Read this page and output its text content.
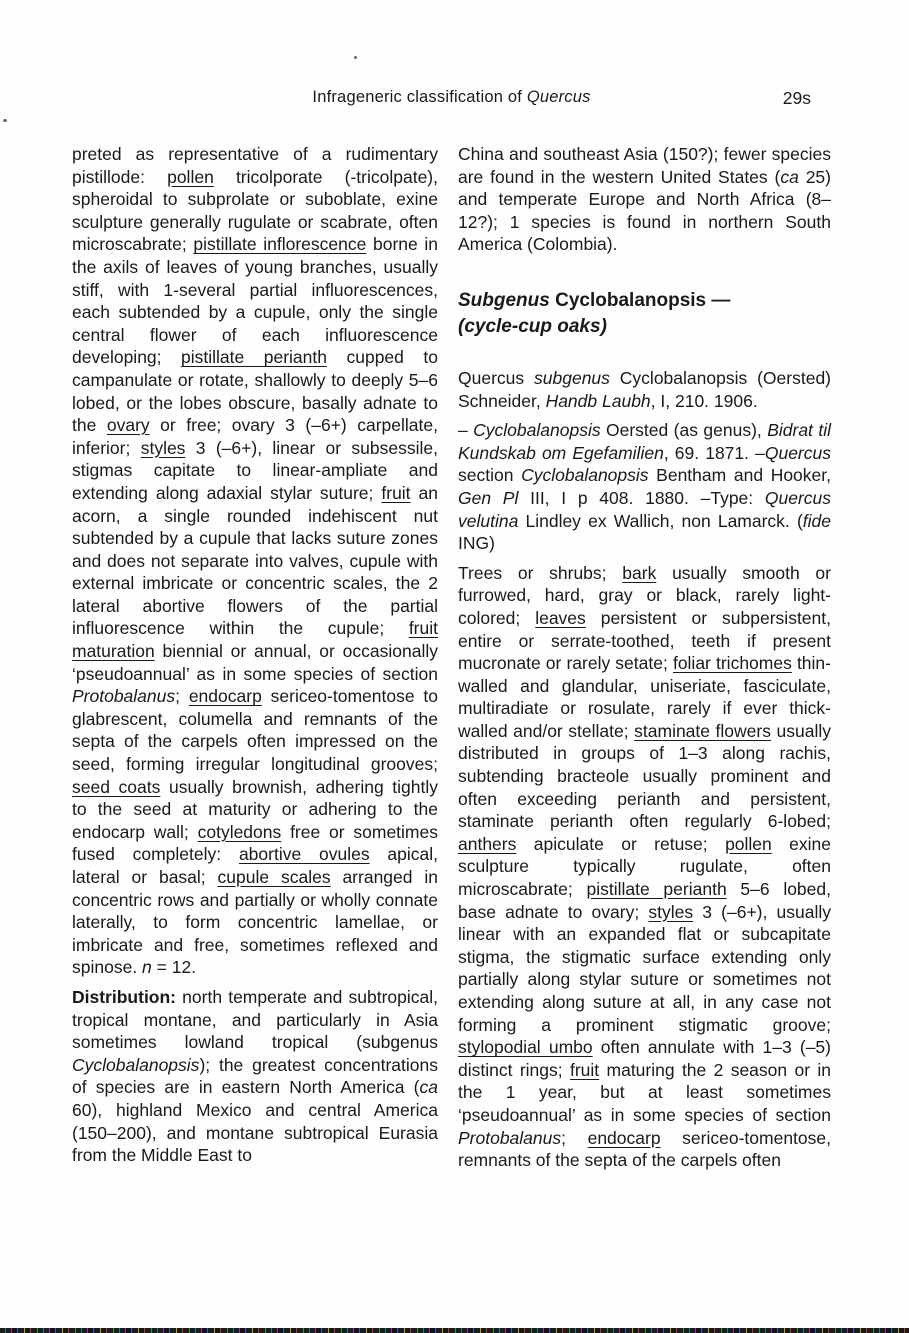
Infrageneric classification of Quercus	29s

preted as representative of a rudimentary pistillode: pollen tricolporate (-tricolpate), spheroidal to subprolate or suboblate, exine sculpture generally rugulate or scabrate, often microscabrate; pistillate inflorescence borne in the axils of leaves of young branches, usually stiff, with 1-several partial influorescences, each subtended by a cupule, only the single central flower of each influorescence developing; pistillate perianth cupped to campanulate or rotate, shallowly to deeply 5–6 lobed, or the lobes obscure, basally adnate to the ovary or free; ovary 3 (–6+) carpellate, inferior; styles 3 (–6+), linear or subsessile, stigmas capitate to linear-ampliate and extending along adaxial stylar suture; fruit an acorn, a single rounded indehiscent nut subtended by a cupule that lacks suture zones and does not separate into valves, cupule with external imbricate or concentric scales, the 2 lateral abortive flowers of the partial influorescence within the cupule; fruit maturation biennial or annual, or occasionally ‘pseudoannual’ as in some species of section Protobalanus; endocarp sericeo-tomentose to glabrescent, columella and remnants of the septa of the carpels often impressed on the seed, forming irregular longitudinal grooves; seed coats usually brownish, adhering tightly to the seed at maturity or adhering to the endocarp wall; cotyledons free or sometimes fused completely: abortive ovules apical, lateral or basal; cupule scales arranged in concentric rows and partially or wholly connate laterally, to form concentric lamellae, or imbricate and free, sometimes reflexed and spinose. n = 12.

Distribution: north temperate and subtropical, tropical montane, and particularly in Asia sometimes lowland tropical (subgenus Cyclobalanopsis); the greatest concentrations of species are in eastern North America (ca 60), highland Mexico and central America (150–200), and montane subtropical Eurasia from the Middle East to

China and southeast Asia (150?); fewer species are found in the western United States (ca 25) and temperate Europe and North Africa (8–12?); 1 species is found in northern South America (Colombia).

Subgenus Cyclobalanopsis —
(cycle-cup oaks)

Quercus subgenus Cyclobalanopsis (Oersted) Schneider, Handb Laubh, I, 210. 1906.

– Cyclobalanopsis Oersted (as genus), Bidrat til Kundskab om Egefamilien, 69. 1871. –Quercus section Cyclobalanopsis Bentham and Hooker, Gen Pl III, I p 408. 1880. –Type: Quercus velutina Lindley ex Wallich, non Lamarck. (fide ING)

Trees or shrubs; bark usually smooth or furrowed, hard, gray or black, rarely light-colored; leaves persistent or subpersistent, entire or serrate-toothed, teeth if present mucronate or rarely setate; foliar trichomes thin-walled and glandular, uniseriate, fasciculate, multiradiate or rosulate, rarely if ever thick-walled and/or stellate; staminate flowers usually distributed in groups of 1–3 along rachis, subtending bracteole usually prominent and often exceeding perianth and persistent, staminate perianth often regularly 6-lobed; anthers apiculate or retuse; pollen exine sculpture typically rugulate, often microscabrate; pistillate perianth 5–6 lobed, base adnate to ovary; styles 3 (–6+), usually linear with an expanded flat or subcapitate stigma, the stigmatic surface extending only partially along stylar suture or sometimes not extending along suture at all, in any case not forming a prominent stigmatic groove; stylopodial umbo often annulate with 1–3 (–5) distinct rings; fruit maturing the 2 season or in the 1 year, but at least sometimes ‘pseudoannual’ as in some species of section Protobalanus; endocarp sericeo-tomentose, remnants of the septa of the carpels often
